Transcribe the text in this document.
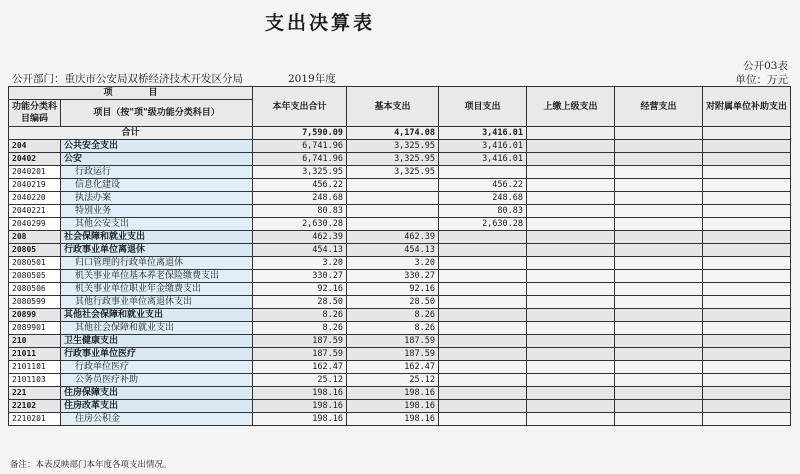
支出决算表
公开03表
公开部门：重庆市公安局双桥经济技术开发区分局	2019年度	单位：万元
项　　　　目		本年支出合计	基本支出	项目支出	上缴上级支出	经营支出	对附属单位补助支出
功能分类科目编码	项目（按"项"级功能分类科目）						
合计		7,590.09	4,174.08	3,416.01			
204	公共安全支出	6,741.96	3,325.95	3,416.01			
20402	公安	6,741.96	3,325.95	3,416.01			
2040201	行政运行	3,325.95	3,325.95				
2040219	信息化建设	456.22		456.22			
2040220	执法办案	248.68		248.68			
2040221	特别业务	80.83		80.83			
2040299	其他公安支出	2,630.28		2,630.28			
208	社会保障和就业支出	462.39	462.39				
20805	行政事业单位离退休	454.13	454.13				
2080501	归口管理的行政单位离退休	3.20	3.20				
2080505	机关事业单位基本养老保险缴费支出	330.27	330.27				
2080506	机关事业单位职业年金缴费支出	92.16	92.16				
2080599	其他行政事业单位离退休支出	28.50	28.50				
20899	其他社会保障和就业支出	8.26	8.26				
2089901	其他社会保障和就业支出	8.26	8.26				
210	卫生健康支出	187.59	187.59				
21011	行政事业单位医疗	187.59	187.59				
2101101	行政单位医疗	162.47	162.47				
2101103	公务员医疗补助	25.12	25.12				
221	住房保障支出	198.16	198.16				
22102	住房改革支出	198.16	198.16				
2210201	住房公积金	198.16	198.16				
备注：本表反映部门本年度各项支出情况。
